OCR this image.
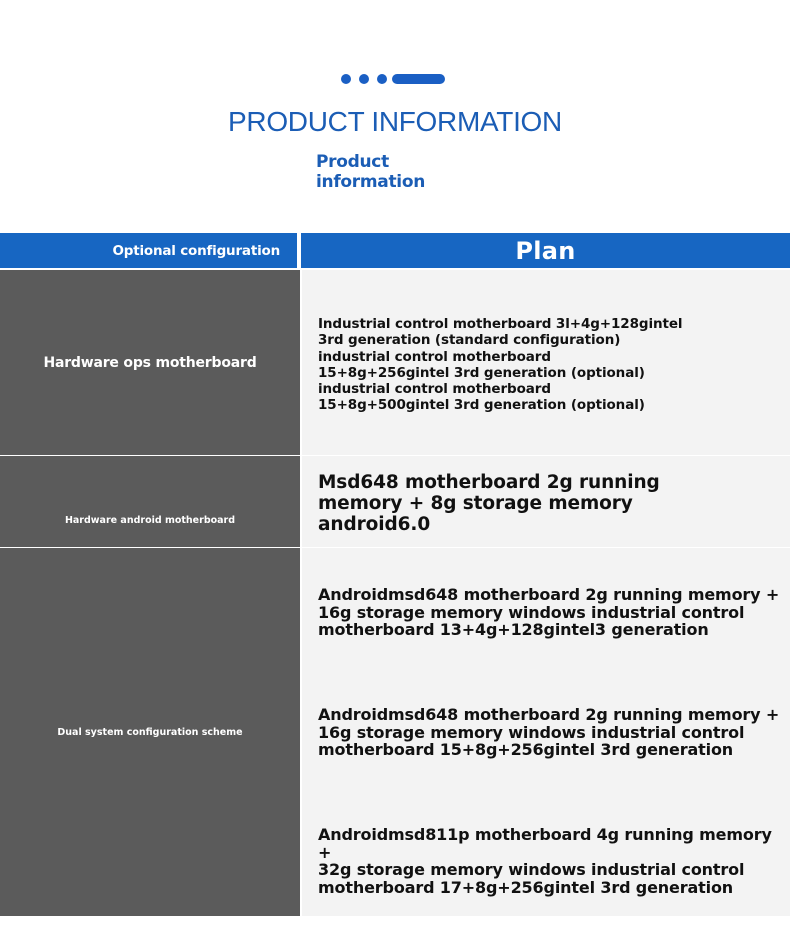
PRODUCT INFORMATION
Product
information
Optional configuration	Plan
Hardware ops motherboard
Industrial control motherboard 3l+4g+128gintel
3rd generation (standard configuration)
industrial control motherboard
15+8g+256gintel 3rd generation (optional)
industrial control motherboard
15+8g+500gintel 3rd generation (optional)
Hardware android motherboard
Msd648 motherboard 2g running
memory + 8g storage memory
android6.0
Dual system configuration scheme
Androidmsd648 motherboard 2g running memory +
16g storage memory windows industrial control
motherboard 13+4g+128gintel3 generation
Androidmsd648 motherboard 2g running memory +
16g storage memory windows industrial control
motherboard 15+8g+256gintel 3rd generation
Androidmsd811p motherboard 4g running memory +
32g storage memory windows industrial control
motherboard 17+8g+256gintel 3rd generation
